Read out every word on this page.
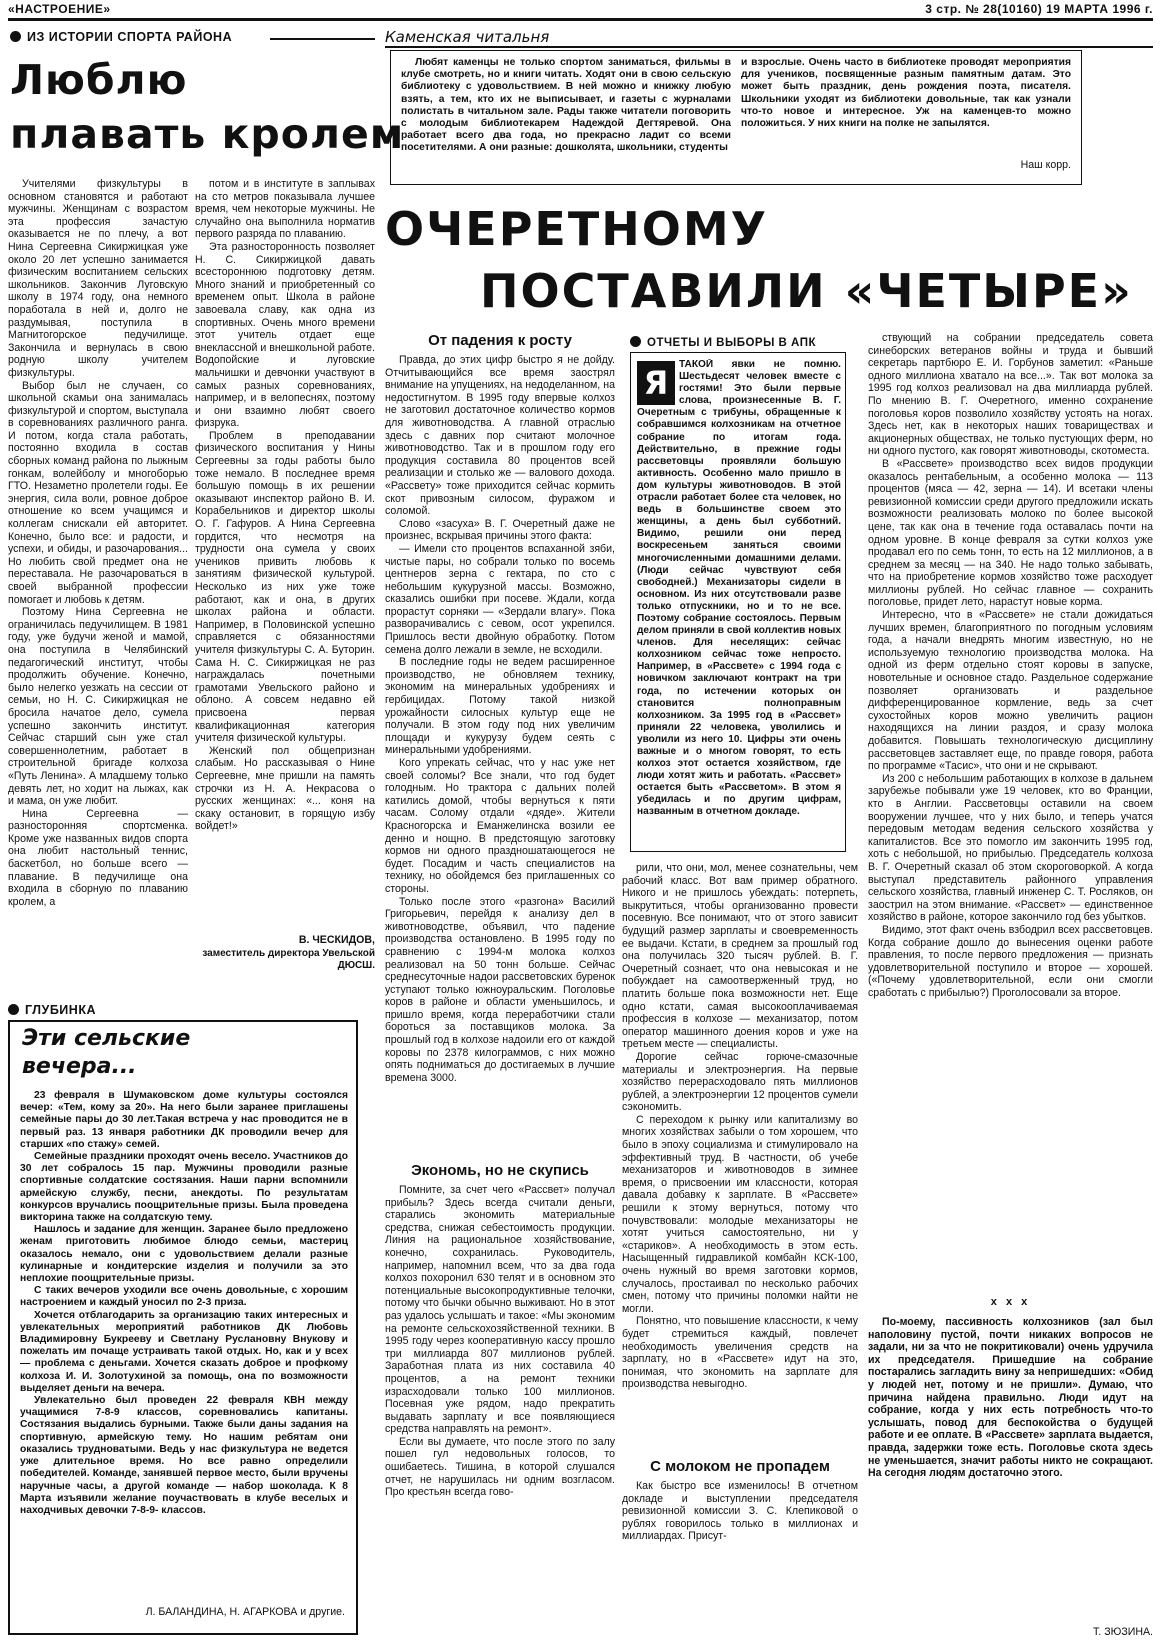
«НАСТРОЕНИЕ»	3 стр. № 28(10160) 19 МАРТА 1996 г.
ИЗ ИСТОРИИ СПОРТА РАЙОНА
Люблю
плавать кролем

Учителями физкультуры в основном становятся и работают мужчины. Женщинам с возрастом эта профессия зачастую оказывается не по плечу, а вот Нина Сергеевна Сикиржицкая уже около 20 лет успешно занимается физическим воспитанием сельских школьников. Закончив Луговскую школу в 1974 году, она немного поработала в ней и, долго не раздумывая, поступила в Магнитогорское педучилище. Закончила и вернулась в свою родную школу учителем физкультуры.

Выбор был не случаен, со школьной скамьи она занималась физкультурой и спортом, выступала в соревнованиях различного ранга. И потом, когда стала работать, постоянно входила в состав сборных команд района по лыжным гонкам, волейболу и многоборью ГТО. Незаметно пролетели годы. Ее энергия, сила воли, ровное доброе отношение ко всем учащимся и коллегам снискали ей авторитет. Конечно, было все: и радости, и успехи, и обиды, и разочарования... Но любить свой предмет она не переставала. Не разочароваться в своей выбранной профессии помогает и любовь к детям.

Поэтому Нина Сергеевна не ограничилась педучилищем. В 1981 году, уже будучи женой и мамой, она поступила в Челябинский педагогический институт, чтобы продолжить обучение. Конечно, было нелегко уезжать на сессии от семьи, но Н. С. Сикиржицкая не бросила начатое дело, сумела успешно закончить институт. Сейчас старший сын уже стал совершеннолетним, работает в строительной бригаде колхоза «Путь Ленина». А младшему только девять лет, но ходит на лыжах, как и мама, он уже любит.

Нина Сергеевна — разносторонняя спортсменка. Кроме уже названных видов спорта она любит настольный теннис, баскетбол, но больше всего — плавание. В педучилище она входила в сборную по плаванию кролем, а

потом и в институте в заплывах на сто метров показывала лучшее время, чем некоторые мужчины. Не случайно она выполнила норматив первого разряда по плаванию.

Эта разносторонность позволяет Н. С. Сикиржицкой давать всестороннюю подготовку детям. Много знаний и приобретенный со временем опыт. Школа в районе завоевала славу, как одна из спортивных. Очень много времени этот учитель отдает еще внеклассной и внешкольной работе. Водопойские и луговские мальчишки и девчонки участвуют в самых разных соревнованиях, например, и в велопеснях, поэтому и они взаимно любят своего физрука.

Проблем в преподавании физического воспитания у Нины Сергеевны за годы работы было тоже немало. В последнее время большую помощь в их решении оказывают инспектор районо В. И. Корабельников и директор школы О. Г. Гафуров. А Нина Сергеевна гордится, что несмотря на трудности она сумела у своих учеников привить любовь к занятиям физической культурой. Несколько из них уже тоже работают, как и она, в других школах района и области. Например, в Половинской успешно справляется с обязанностями учителя физкультуры С. А. Буторин. Сама Н. С. Сикиржицкая не раз награждалась почетными грамотами Увельского районо и облоно. А совсем недавно ей присвоена первая квалификационная категория учителя физической культуры.

Женский пол общепризнан слабым. Но рассказывая о Нине Сергеевне, мне пришли на память строчки из Н. А. Некрасова о русских женщинах: «... коня на скаку остановит, в горящую избу войдет!»

В. ЧЕСКИДОВ,
заместитель директора Увельской ДЮСШ.
ГЛУБИНКА
Эти сельские
вечера...

23 февраля в Шумаковском доме культуры состоялся вечер: «Тем, кому за 20». На него были заранее приглашены семейные пары до 30 лет.Такая встреча у нас проводится не в первый раз. 13 января работники ДК проводили вечер для старших «по стажу» семей.

Семейные праздники проходят очень весело. Участников до 30 лет собралось 15 пар. Мужчины проводили разные спортивные солдатские состязания. Наши парни вспомнили армейскую службу, песни, анекдоты. По результатам конкурсов вручались поощрительные призы. Была проведена викторина также на солдатскую тему.

Нашлось и задание для женщин. Заранее было предложено женам приготовить любимое блюдо семьи, мастериц оказалось немало, они с удовольствием делали разные кулинарные и кондитерские изделия и получили за это неплохие поощрительные призы.

С таких вечеров уходили все очень довольные, с хорошим настроением и каждый уносил по 2-3 приза.

Хочется отблагодарить за организацию таких интересных и увлекательных мероприятий работников ДК Любовь Владимировну Букрееву и Светлану Руслановну Внукову и пожелать им почаще устраивать такой отдых. Но, как и у всех — проблема с деньгами. Хочется сказать доброе и профкому колхоза И. И. Золотухиной за помощь, она по возможности выделяет деньги на вечера.

Увлекательно был проведен 22 февраля КВН между учащимися 7-8-9 классов, соревновались капитаны. Состязания выдались бурными. Также были даны задания на спортивную, армейскую тему. Но нашим ребятам они оказались трудноватыми. Ведь у нас физкультура не ведется уже длительное время. Но все равно определили победителей. Команде, занявшей первое место, были вручены наручные часы, а другой команде — набор шоколада. К 8 Марта изъявили желание поучаствовать в клубе веселых и находчивых девочки 7-8-9- классов.

Л. БАЛАНДИНА, Н. АГАРКОВА и другие.
Каменская читальня
Любят каменцы не только спортом заниматься, фильмы в клубе смотреть, но и книги читать. Ходят они в свою сельскую библиотеку с удовольствием. В ней можно и книжку любую взять, а тем, кто их не выписывает, и газеты с журналами полистать в читальном зале. Рады также читатели поговорить с молодым библиотекарем Надеждой Дегтяревой. Она работает всего два года, но прекрасно ладит со всеми посетителями. А они разные: дошколята, школьники, студенты
и взрослые. Очень часто в библиотеке проводят мероприятия для учеников, посвященные разным памятным датам. Это может быть праздник, день рождения поэта, писателя. Школьники уходят из библиотеки довольные, так как узнали что-то новое и интересное. Уж на каменцев-то можно положиться. У них книги на полке не запылятся.
Наш корр.
ОЧЕРЕТНОМУ
ПОСТАВИЛИ «ЧЕТЫРЕ»
От падения к росту

Правда, до этих цифр быстро я не дойду. Отчитывающийся все время заострял внимание на упущениях, на недоделанном, на недостигнутом. В 1995 году впервые колхоз не заготовил достаточное количество кормов для животноводства. А главной отраслью здесь с давних пор считают молочное животноводство. Так и в прошлом году его продукция составила 80 процентов всей реализации и столько же — валового дохода. «Рассвету» тоже приходится сейчас кормить скот привозным силосом, фуражом и соломой.

Слово «засуха» В. Г. Очеретный даже не произнес, вскрывая причины этого факта:

— Имели сто процентов вспаханной зяби, чистые пары, но собрали только по восемь центнеров зерна с гектара, по сто с небольшим кукурузной массы. Возможно, сказались ошибки при посеве. Ждали, когда прорастут сорняки — «Зердали влагу». Пока разворачивались с севом, осот укрепился. Пришлось вести двойную обработку. Потом семена долго лежали в земле, не всходили.

В последние годы не ведем расширенное производство, не обновляем технику, экономим на минеральных удобрениях и гербицидах. Потому такой низкой урожайности силосных культур еще не получали. В этом году под них увеличим площади и кукурузу будем сеять с минеральными удобрениями.

Кого упрекать сейчас, что у нас уже нет своей соломы? Все знали, что год будет голодным. Но трактора с дальних полей катились домой, чтобы вернуться к пяти часам. Солому отдали «дяде». Жители Красногорска и Еманжелинска возили ее денно и нощно. В предстоящую заготовку кормов ни одного праздношатающегося не будет. Посадим и часть специалистов на технику, но обойдемся без приглашенных со стороны.

Только после этого «разгона» Василий Григорьевич, перейдя к анализу дел в животноводстве, объявил, что падение производства остановлено. В 1995 году по сравнению с 1994-м молока колхоз реализовал на 50 тонн больше. Сейчас среднесуточные надои рассветовских буренок уступают только южноуральским. Поголовье коров в районе и области уменьшилось, и пришло время, когда переработчики стали бороться за поставщиков молока. За прошлый год в колхозе надоили его от каждой коровы по 2378 килограммов, с них можно опять подниматься до достигаемых в лучшие времена 3000.

Экономь, но не скупись

Помните, за счет чего «Рассвет» получал прибыль? Здесь всегда считали деньги, старались экономить материальные средства, снижая себестоимость продукции. Линия на рациональное хозяйствование, конечно, сохранилась. Руководитель, например, напомнил всем, что за два года колхоз похоронил 630 телят и в основном это потенциальные высокопродуктивные телочки, потому что бычки обычно выживают. Но в этот раз удалось услышать и такое: «Мы экономим на ремонте сельскохозяйственной техники. В 1995 году через кооперативную кассу прошло три миллиарда 807 миллионов рублей. Заработная плата из них составила 40 процентов, а на ремонт техники израсходовали только 100 миллионов. Посевная уже рядом, надо прекратить выдавать зарплату и все появляющиеся средства направлять на ремонт».

Если вы думаете, что после этого по залу пошел гул недовольных голосов, то ошибаетесь. Тишина, в которой слушался отчет, не нарушилась ни одним возгласом. Про крестьян всегда гово-

ОТЧЕТЫ И ВЫБОРЫ В АПК
Я	ТАКОЙ явки не помню. Шестьдесят человек вместе с гостями! Это были первые слова, произнесенные В. Г. Очеретным с трибуны, обращенные к собравшимся колхозникам на отчетное собрание по итогам года. Действительно, в прежние годы рассветовцы проявляли большую активность. Особенно мало пришло в дом культуры животноводов. В этой отрасли работает более ста человек, но ведь в большинстве своем это женщины, а день был субботний. Видимо, решили они перед воскресеньем заняться своими многочисленными домашними делами. (Люди сейчас чувствуют себя свободней.) Механизаторы сидели в основном. Из них отсутствовали разве только отпускники, но и то не все. Поэтому собрание состоялось. Первым делом приняли в свой коллектив новых членов. Для неселящих: сейчас колхозником сейчас тоже непросто. Например, в «Рассвете» с 1994 года с новичком заключают контракт на три года, по истечении которых он становится полноправным колхозником. За 1995 год в «Рассвет» приняли 22 человека, уволились и уволили из него 10. Цифры эти очень важные и о многом говорят, то есть колхоз этот остается хозяйством, где люди хотят жить и работать. «Рассвет» остается быть «Рассветом». В этом я убедилась и по другим цифрам, названным в отчетном докладе.

рили, что они, мол, менее сознательны, чем рабочий класс. Вот вам пример обратного. Никого и не пришлось убеждать: потерпеть, выкрутиться, чтобы организованно провести посевную. Все понимают, что от этого зависит будущий размер зарплаты и своевременность ее выдачи. Кстати, в среднем за прошлый год она получилась 320 тысяч рублей. В. Г. Очеретный сознает, что она невысокая и не побуждает на самоотверженный труд, но платить больше пока возможности нет. Еще одно кстати, самая высокооплачиваемая профессия в колхозе — механизатор, потом оператор машинного доения коров и уже на третьем месте — специалисты.

Дорогие сейчас горюче-смазочные материалы и электроэнергия. На первые хозяйство перерасходовало пять миллионов рублей, а электроэнергии 12 процентов сумели сэкономить.

С переходом к рынку или капитализму во многих хозяйствах забыли о том хорошем, что было в эпоху социализма и стимулировало на эффективный труд. В частности, об учебе механизаторов и животноводов в зимнее время, о присвоении им классности, которая давала добавку к зарплате. В «Рассвете» решили к этому вернуться, потому что почувствовали: молодые механизаторы не хотят учиться самостоятельно, ни у «стариков». А необходимость в этом есть. Насыщенный гидравликой комбайн КСК-100, очень нужный во время заготовки кормов, случалось, простаивал по несколько рабочих смен, потому что причины поломки найти не могли.

Понятно, что повышение классности, к чему будет стремиться каждый, повлечет необходимость увеличения средств на зарплату, но в «Рассвете» идут на это, понимая, что экономить на зарплате для производства невыгодно.

С молоком не пропадем

Как быстро все изменилось! В отчетном докладе и выступлении председателя ревизионной комиссии З. С. Клепиковой о рублях говорилось только в миллионах и миллиардах. Присут-

ствующий на собрании председатель совета синеборских ветеранов войны и труда и бывший секретарь партбюро Е. И. Горбунов заметил: «Раньше одного миллиона хватало на все...». Так вот молока за 1995 год колхоз реализовал на два миллиарда рублей. По мнению В. Г. Очеретного, именно сохранение поголовья коров позволило хозяйству устоять на ногах. Здесь нет, как в некоторых наших товариществах и акционерных обществах, не только пустующих ферм, но ни одного пустого, как говорят животноводы, скотоместа.

В «Рассвете» производство всех видов продукции оказалось рентабельным, а особенно молока — 113 процентов (мяса — 42, зерна — 14). И всетаки члены ревизионной комиссии среди другого предложили искать возможности реализовать молоко по более высокой цене, так как она в течение года оставалась почти на одном уровне. В конце февраля за сутки колхоз уже продавал его по семь тонн, то есть на 12 миллионов, а в среднем за месяц — на 340. Не надо только забывать, что на приобретение кормов хозяйство тоже расходует миллионы рублей. Но сейчас главное — сохранить поголовье, придет лето, нарастут новые корма.

Интересно, что в «Рассвете» не стали дожидаться лучших времен, благоприятного по погодным условиям года, а начали внедрять многим известную, но не используемую технологию производства молока. На одной из ферм отдельно стоят коровы в запуске, новотельные и основное стадо. Раздельное содержание позволяет организовать и раздельное дифференцированное кормление, ведь за счет сухостойных коров можно увеличить рацион находящихся на линии раздоя, и сразу молока добавится. Повышать технологическую дисциплину рассветовцев заставляет еще, по правде говоря, работа по программе «Тасис», что они и не скрывают.

Из 200 с небольшим работающих в колхозе в дальнем зарубежье побывали уже 19 человек, кто во Франции, кто в Англии. Рассветовцы оставили на своем вооружении лучшее, что у них было, и теперь учатся передовым методам ведения сельского хозяйства у капиталистов. Все это помогло им закончить 1995 год, хоть с небольшой, но прибылью. Председатель колхоза В. Г. Очеретный сказал об этом скороговоркой. А когда выступал представитель районного управления сельского хозяйства, главный инженер С. Т. Росляков, он заострил на этом внимание. «Рассвет» — единственное хозяйство в районе, которое закончило год без убытков.

Видимо, этот факт очень взбодрил всех рассветовцев. Когда собрание дошло до вынесения оценки работе правления, то после первого предложения — признать удовлетворительной поступило и второе — хорошей. («Почему удовлетворительной, если они смогли сработать с прибылью?) Проголосовали за второе.

x x x

По-моему, пассивность колхозников (зал был наполовину пустой, почти никаких вопросов не задали, ни за что не покритиковали) очень удручила их председателя. Пришедшие на собрание постарались загладить вину за непришедших: «Обид у людей нет, потому и не пришли». Думаю, что причина найдена правильно. Люди идут на собрание, когда у них есть потребность что-то услышать, повод для беспокойства о будущей работе и ее оплате. В «Рассвете» зарплата выдается, правда, задержки тоже есть. Поголовье скота здесь не уменьшается, значит работы никто не сокращают. На сегодня людям достаточно этого.

Т. ЗЮЗИНА.
